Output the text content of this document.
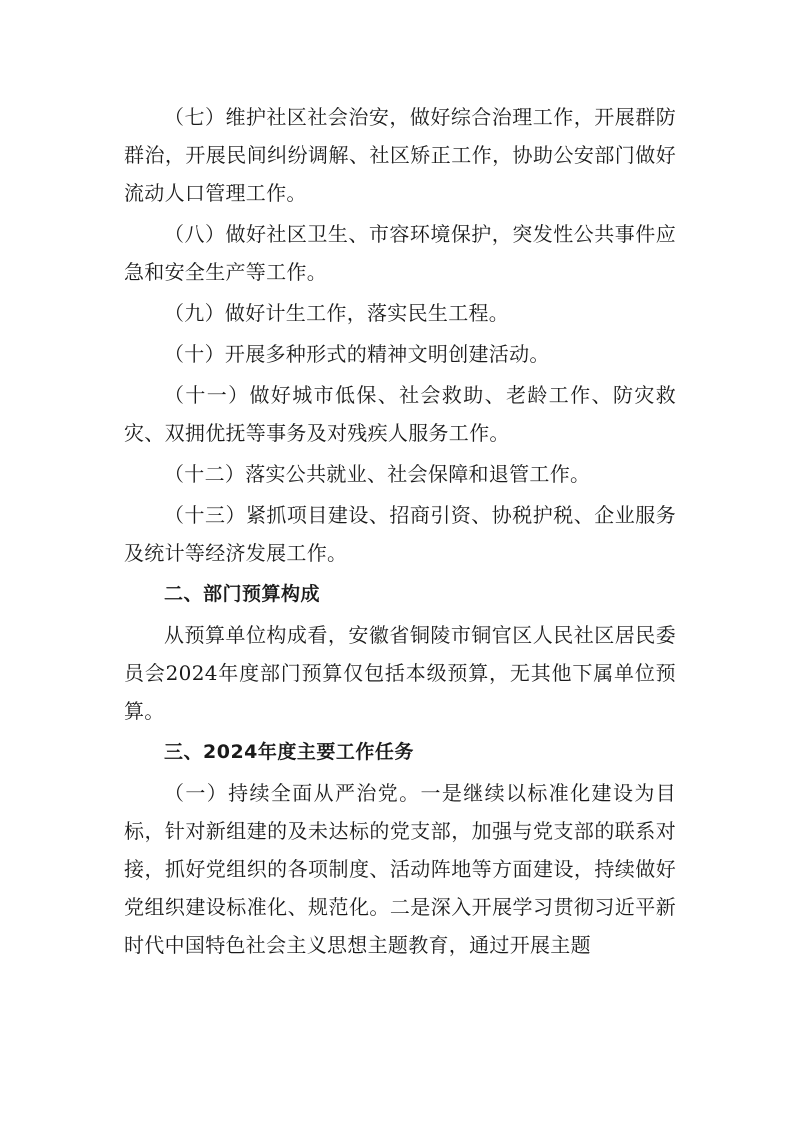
（七）维护社区社会治安，做好综合治理工作，开展群防群治，开展民间纠纷调解、社区矫正工作，协助公安部门做好流动人口管理工作。

（八）做好社区卫生、市容环境保护，突发性公共事件应急和安全生产等工作。

（九）做好计生工作，落实民生工程。

（十）开展多种形式的精神文明创建活动。

（十一）做好城市低保、社会救助、老龄工作、防灾救灾、双拥优抚等事务及对残疾人服务工作。

（十二）落实公共就业、社会保障和退管工作。

（十三）紧抓项目建设、招商引资、协税护税、企业服务及统计等经济发展工作。

二、部门预算构成

从预算单位构成看，安徽省铜陵市铜官区人民社区居民委员会2024年度部门预算仅包括本级预算，无其他下属单位预算。

三、2024年度主要工作任务

（一）持续全面从严治党。一是继续以标准化建设为目标，针对新组建的及未达标的党支部，加强与党支部的联系对接，抓好党组织的各项制度、活动阵地等方面建设，持续做好党组织建设标准化、规范化。二是深入开展学习贯彻习近平新时代中国特色社会主义思想主题教育，通过开展主题
